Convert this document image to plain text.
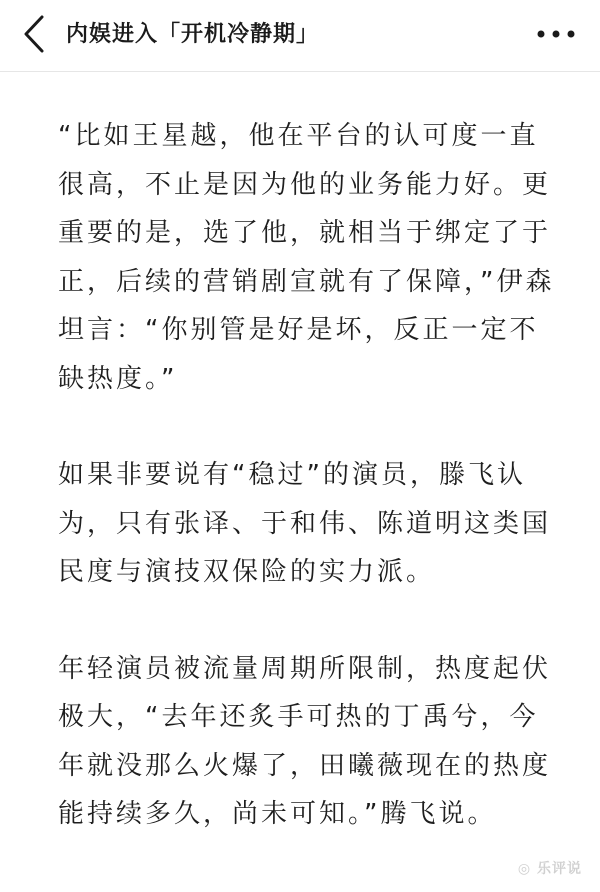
内娱进入「开机冷静期」

“比如王星越，他在平台的认可度一直很高，不止是因为他的业务能力好。更重要的是，选了他，就相当于绑定了于正，后续的营销剧宣就有了保障，”伊森坦言：“你别管是好是坏，反正一定不缺热度。”

如果非要说有“稳过”的演员，滕飞认为，只有张译、于和伟、陈道明这类国民度与演技双保险的实力派。

年轻演员被流量周期所限制，热度起伏极大，“去年还炙手可热的丁禹兮，今年就没那么火爆了，田曦薇现在的热度能持续多久，尚未可知。”腾飞说。

◎ 乐评说
